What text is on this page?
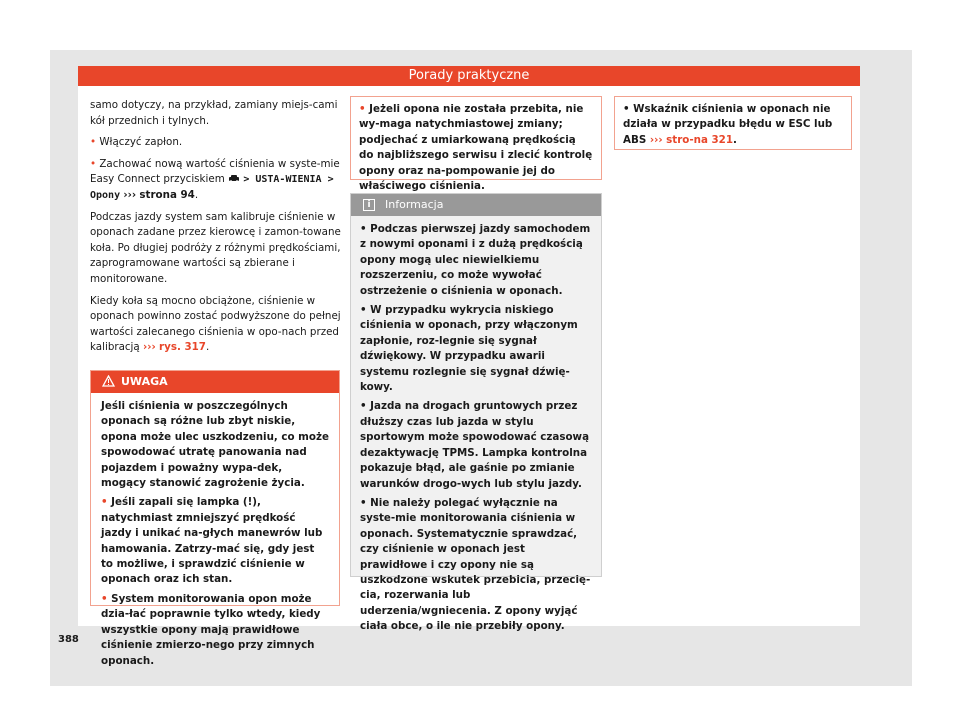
Porady praktyczne

samo dotyczy, na przykład, zamiany miejs-cami kół przednich i tylnych.

• Włączyć zapłon.

• Zachować nową wartość ciśnienia w syste-mie Easy Connect przyciskiem > USTA-WIENIA > Opony ››› strona 94.

Podczas jazdy system sam kalibruje ciśnienie w oponach zadane przez kierowcę i zamon-towane koła. Po długiej podróży z różnymi prędkościami, zaprogramowane wartości są zbierane i monitorowane.

Kiedy koła są mocno obciążone, ciśnienie w oponach powinno zostać podwyższone do pełnej wartości zalecanego ciśnienia w opo-nach przed kalibracją ››› rys. 317.

UWAGA

Jeśli ciśnienia w poszczególnych oponach są różne lub zbyt niskie, opona może ulec uszkodzeniu, co może spowodować utratę panowania nad pojazdem i poważny wypa-dek, mogący stanowić zagrożenie życia.

• Jeśli zapali się lampka (!), natychmiast zmniejszyć prędkość jazdy i unikać na-głych manewrów lub hamowania. Zatrzy-mać się, gdy jest to możliwe, i sprawdzić ciśnienie w oponach oraz ich stan.

• System monitorowania opon może dzia-łać poprawnie tylko wtedy, kiedy wszystkie opony mają prawidłowe ciśnienie zmierzo-nego przy zimnych oponach.

• Jeżeli opona nie została przebita, nie wy-maga natychmiastowej zmiany; podjechać z umiarkowaną prędkością do najbliższego serwisu i zlecić kontrolę opony oraz na-pompowanie jej do właściwego ciśnienia.
i	Informacja

• Podczas pierwszej jazdy samochodem z nowymi oponami i z dużą prędkością opony mogą ulec niewielkiemu rozszerzeniu, co może wywołać ostrzeżenie o ciśnienia w oponach.

• W przypadku wykrycia niskiego ciśnienia w oponach, przy włączonym zapłonie, roz-legnie się sygnał dźwiękowy. W przypadku awarii systemu rozlegnie się sygnał dźwię-kowy.

• Jazda na drogach gruntowych przez dłuższy czas lub jazda w stylu sportowym może spowodować czasową dezaktywację TPMS. Lampka kontrolna pokazuje błąd, ale gaśnie po zmianie warunków drogo-wych lub stylu jazdy.

• Nie należy polegać wyłącznie na syste-mie monitorowania ciśnienia w oponach. Systematycznie sprawdzać, czy ciśnienie w oponach jest prawidłowe i czy opony nie są uszkodzone wskutek przebicia, przecię-cia, rozerwania lub uderzenia/wgniecenia. Z opony wyjąć ciała obce, o ile nie przebiły opony.

• Wskaźnik ciśnienia w oponach nie działa w przypadku błędu w ESC lub ABS ››› stro-na 321.
388
